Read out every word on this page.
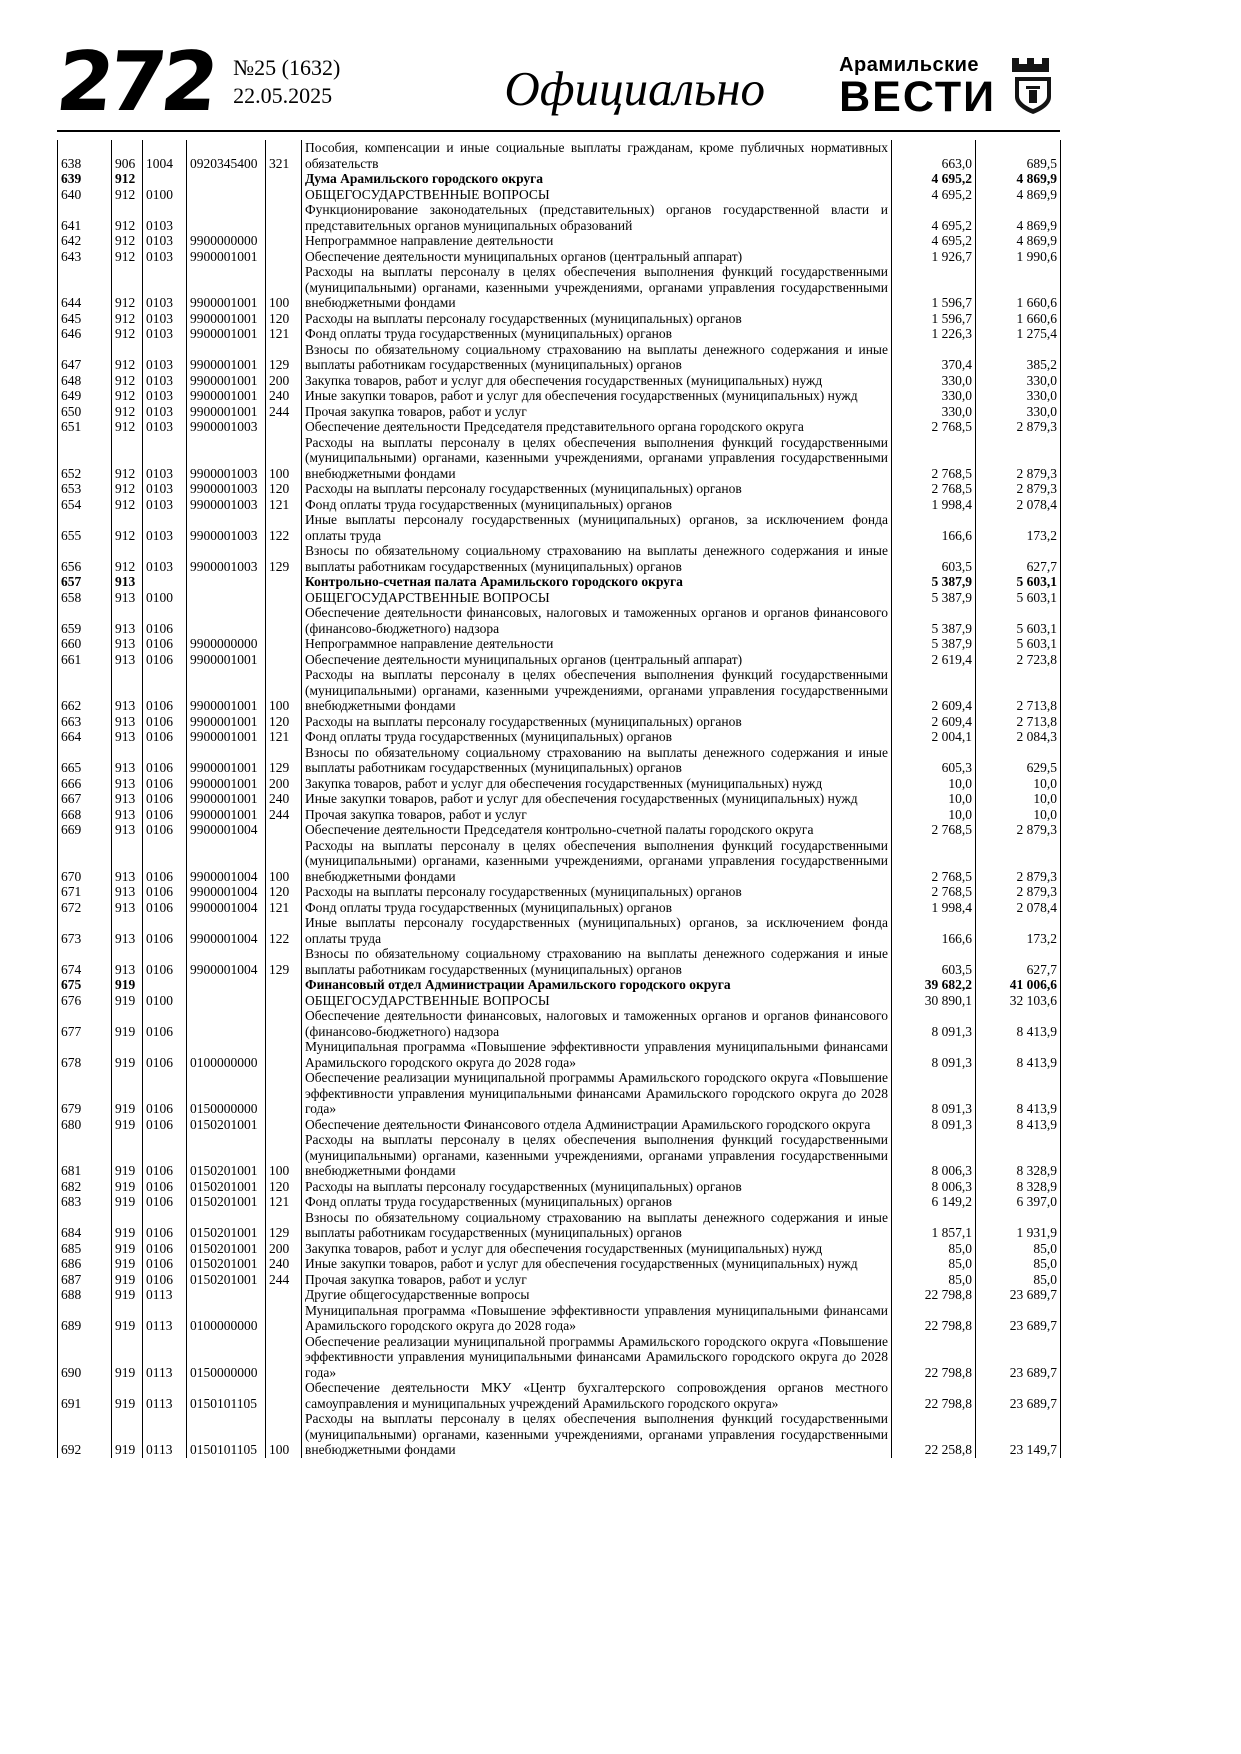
272 №25 (1632)
22.05.2025	Официально	Арамильские
ВЕСТИ
638	906	1004	0920345400	321	Пособия, компенсации и иные социальные выплаты гражданам, кроме публичных нормативных обязательств	663,0	689,5
639	912				Дума Арамильского городского округа	4 695,2	4 869,9
640	912	0100			ОБЩЕГОСУДАРСТВЕННЫЕ ВОПРОСЫ	4 695,2	4 869,9
641	912	0103			Функционирование законодательных (представительных) органов государственной власти и представительных органов муниципальных образований	4 695,2	4 869,9
642	912	0103	9900000000		Непрограммное направление деятельности	4 695,2	4 869,9
643	912	0103	9900001001		Обеспечение деятельности муниципальных органов (центральный аппарат)	1 926,7	1 990,6
644	912	0103	9900001001	100	Расходы на выплаты персоналу в целях обеспечения выполнения функций государственными (муниципальными) органами, казенными учреждениями, органами управления государственными внебюджетными фондами	1 596,7	1 660,6
645	912	0103	9900001001	120	Расходы на выплаты персоналу государственных (муниципальных) органов	1 596,7	1 660,6
646	912	0103	9900001001	121	Фонд оплаты труда государственных (муниципальных) органов	1 226,3	1 275,4
647	912	0103	9900001001	129	Взносы по обязательному социальному страхованию на выплаты денежного содержания и иные выплаты работникам государственных (муниципальных) органов	370,4	385,2
648	912	0103	9900001001	200	Закупка товаров, работ и услуг для обеспечения государственных (муниципальных) нужд	330,0	330,0
649	912	0103	9900001001	240	Иные закупки товаров, работ и услуг для обеспечения государственных (муниципальных) нужд	330,0	330,0
650	912	0103	9900001001	244	Прочая закупка товаров, работ и услуг	330,0	330,0
651	912	0103	9900001003		Обеспечение деятельности Председателя представительного органа городского округа	2 768,5	2 879,3
652	912	0103	9900001003	100	Расходы на выплаты персоналу в целях обеспечения выполнения функций государственными (муниципальными) органами, казенными учреждениями, органами управления государственными внебюджетными фондами	2 768,5	2 879,3
653	912	0103	9900001003	120	Расходы на выплаты персоналу государственных (муниципальных) органов	2 768,5	2 879,3
654	912	0103	9900001003	121	Фонд оплаты труда государственных (муниципальных) органов	1 998,4	2 078,4
655	912	0103	9900001003	122	Иные выплаты персоналу государственных (муниципальных) органов, за исключением фонда оплаты труда	166,6	173,2
656	912	0103	9900001003	129	Взносы по обязательному социальному страхованию на выплаты денежного содержания и иные выплаты работникам государственных (муниципальных) органов	603,5	627,7
657	913				Контрольно-счетная палата Арамильского городского округа	5 387,9	5 603,1
658	913	0100			ОБЩЕГОСУДАРСТВЕННЫЕ ВОПРОСЫ	5 387,9	5 603,1
659	913	0106			Обеспечение деятельности финансовых, налоговых и таможенных органов и органов финансового (финансово-бюджетного) надзора	5 387,9	5 603,1
660	913	0106	9900000000		Непрограммное направление деятельности	5 387,9	5 603,1
661	913	0106	9900001001		Обеспечение деятельности муниципальных органов (центральный аппарат)	2 619,4	2 723,8
662	913	0106	9900001001	100	Расходы на выплаты персоналу в целях обеспечения выполнения функций государственными (муниципальными) органами, казенными учреждениями, органами управления государственными внебюджетными фондами	2 609,4	2 713,8
663	913	0106	9900001001	120	Расходы на выплаты персоналу государственных (муниципальных) органов	2 609,4	2 713,8
664	913	0106	9900001001	121	Фонд оплаты труда государственных (муниципальных) органов	2 004,1	2 084,3
665	913	0106	9900001001	129	Взносы по обязательному социальному страхованию на выплаты денежного содержания и иные выплаты работникам государственных (муниципальных) органов	605,3	629,5
666	913	0106	9900001001	200	Закупка товаров, работ и услуг для обеспечения государственных (муниципальных) нужд	10,0	10,0
667	913	0106	9900001001	240	Иные закупки товаров, работ и услуг для обеспечения государственных (муниципальных) нужд	10,0	10,0
668	913	0106	9900001001	244	Прочая закупка товаров, работ и услуг	10,0	10,0
669	913	0106	9900001004		Обеспечение деятельности Председателя контрольно-счетной палаты городского округа	2 768,5	2 879,3
670	913	0106	9900001004	100	Расходы на выплаты персоналу в целях обеспечения выполнения функций государственными (муниципальными) органами, казенными учреждениями, органами управления государственными внебюджетными фондами	2 768,5	2 879,3
671	913	0106	9900001004	120	Расходы на выплаты персоналу государственных (муниципальных) органов	2 768,5	2 879,3
672	913	0106	9900001004	121	Фонд оплаты труда государственных (муниципальных) органов	1 998,4	2 078,4
673	913	0106	9900001004	122	Иные выплаты персоналу государственных (муниципальных) органов, за исключением фонда оплаты труда	166,6	173,2
674	913	0106	9900001004	129	Взносы по обязательному социальному страхованию на выплаты денежного содержания и иные выплаты работникам государственных (муниципальных) органов	603,5	627,7
675	919				Финансовый отдел Администрации Арамильского городского округа	39 682,2	41 006,6
676	919	0100			ОБЩЕГОСУДАРСТВЕННЫЕ ВОПРОСЫ	30 890,1	32 103,6
677	919	0106			Обеспечение деятельности финансовых, налоговых и таможенных органов и органов финансового (финансово-бюджетного) надзора	8 091,3	8 413,9
678	919	0106	0100000000		Муниципальная программа «Повышение эффективности управления муниципальными финансами Арамильского городского округа до 2028 года»	8 091,3	8 413,9
679	919	0106	0150000000		Обеспечение реализации муниципальной программы Арамильского городского округа «Повышение эффективности управления муниципальными финансами Арамильского городского округа до 2028 года»	8 091,3	8 413,9
680	919	0106	0150201001		Обеспечение деятельности Финансового отдела Администрации Арамильского городского округа	8 091,3	8 413,9
681	919	0106	0150201001	100	Расходы на выплаты персоналу в целях обеспечения выполнения функций государственными (муниципальными) органами, казенными учреждениями, органами управления государственными внебюджетными фондами	8 006,3	8 328,9
682	919	0106	0150201001	120	Расходы на выплаты персоналу государственных (муниципальных) органов	8 006,3	8 328,9
683	919	0106	0150201001	121	Фонд оплаты труда государственных (муниципальных) органов	6 149,2	6 397,0
684	919	0106	0150201001	129	Взносы по обязательному социальному страхованию на выплаты денежного содержания и иные выплаты работникам государственных (муниципальных) органов	1 857,1	1 931,9
685	919	0106	0150201001	200	Закупка товаров, работ и услуг для обеспечения государственных (муниципальных) нужд	85,0	85,0
686	919	0106	0150201001	240	Иные закупки товаров, работ и услуг для обеспечения государственных (муниципальных) нужд	85,0	85,0
687	919	0106	0150201001	244	Прочая закупка товаров, работ и услуг	85,0	85,0
688	919	0113			Другие общегосударственные вопросы	22 798,8	23 689,7
689	919	0113	0100000000		Муниципальная программа «Повышение эффективности управления муниципальными финансами Арамильского городского округа до 2028 года»	22 798,8	23 689,7
690	919	0113	0150000000		Обеспечение реализации муниципальной программы Арамильского городского округа «Повышение эффективности управления муниципальными финансами Арамильского городского округа до 2028 года»	22 798,8	23 689,7
691	919	0113	0150101105		Обеспечение деятельности МКУ «Центр бухгалтерского сопровождения органов местного самоуправления и муниципальных учреждений Арамильского городского округа»	22 798,8	23 689,7
692	919	0113	0150101105	100	Расходы на выплаты персоналу в целях обеспечения выполнения функций государственными (муниципальными) органами, казенными учреждениями, органами управления государственными внебюджетными фондами	22 258,8	23 149,7
